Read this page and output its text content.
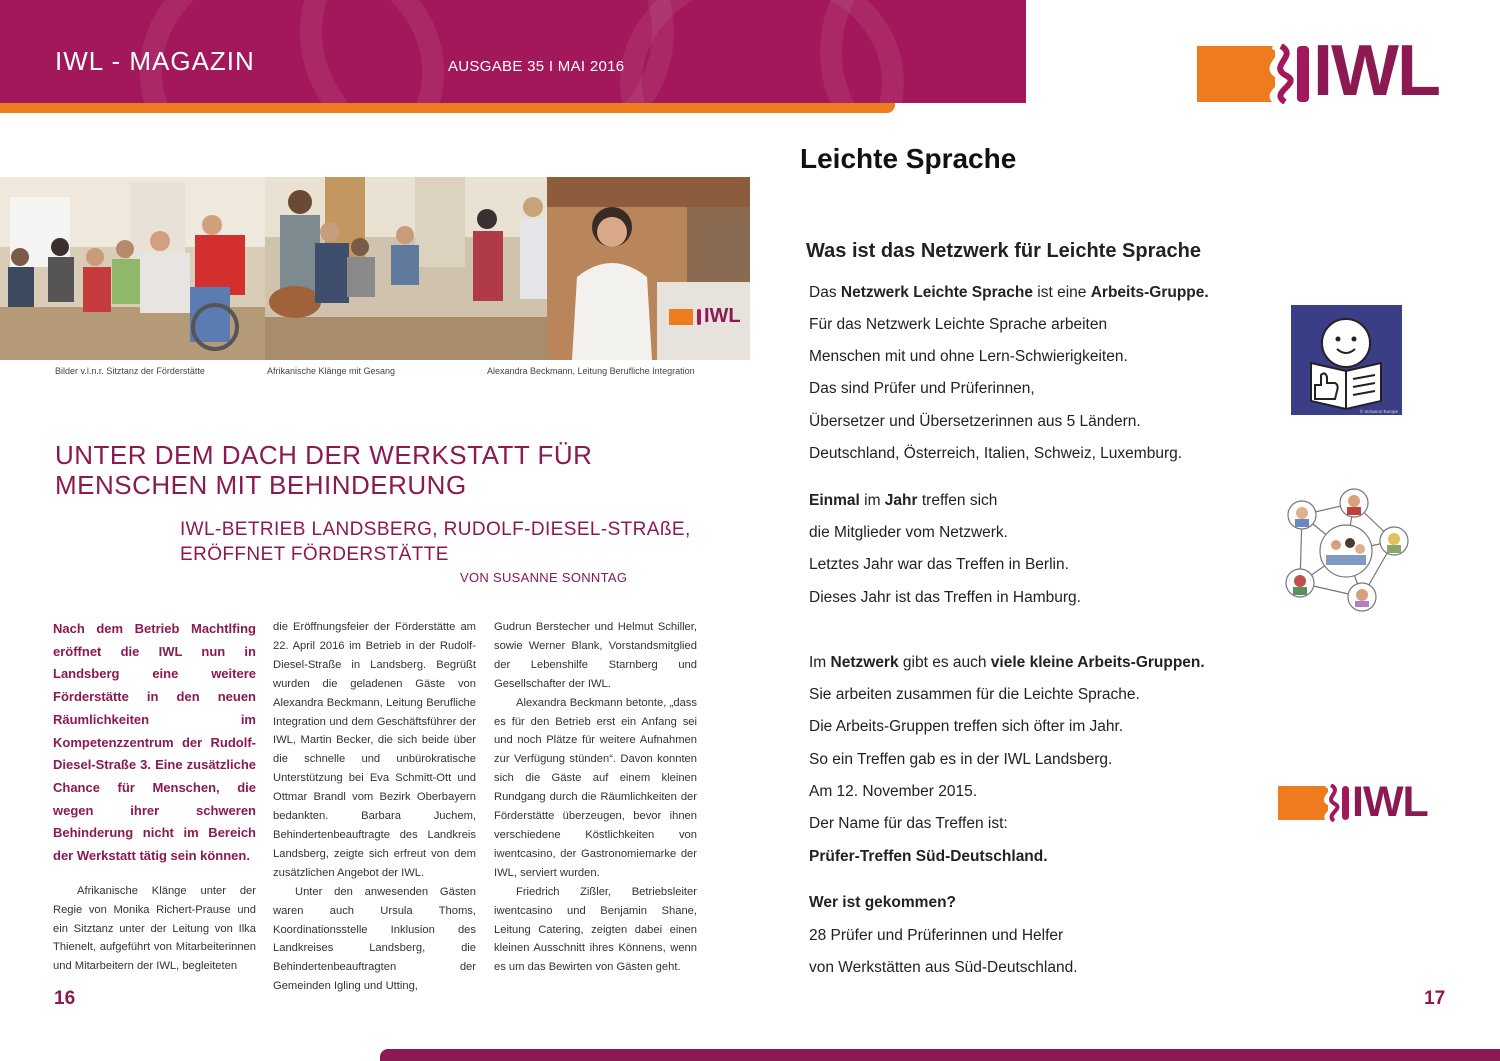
IWL - MAGAZIN	AUSGABE 35 I MAI 2016	IWL
IWL
Bilder v.l.n.r. Sitztanz der Förderstätte	Afrikanische Klänge mit Gesang	Alexandra Beckmann, Leitung Berufliche Integration
UNTER DEM DACH DER WERKSTATT FÜR
MENSCHEN MIT BEHINDERUNG
IWL-BETRIEB LANDSBERG, RUDOLF-DIESEL-STRAßE,
ERÖFFNET FÖRDERSTÄTTE
VON SUSANNE SONNTAG

Nach dem Betrieb Machtlfing eröffnet die IWL nun in Landsberg eine weitere Förderstätte in den neuen Räumlichkeiten im Kompetenzzentrum der Rudolf-Diesel-Straße 3. Eine zusätzliche Chance für Menschen, die wegen ihrer schweren Behinderung nicht im Bereich der Werkstatt tätig sein können.

Afrikanische Klänge unter der Regie von Monika Richert-Prause und ein Sitztanz unter der Leitung von Ilka Thienelt, aufgeführt von Mitarbeiterinnen und Mitarbeitern der IWL, begleiteten

die Eröffnungsfeier der Förderstätte am 22. April 2016 im Betrieb in der Rudolf-Diesel-Straße in Landsberg. Begrüßt wurden die geladenen Gäste von Alexandra Beckmann, Leitung Berufliche Integration und dem Geschäftsführer der IWL, Martin Becker, die sich beide über die schnelle und unbürokratische Unterstützung bei Eva Schmitt-Ott und Ottmar Brandl vom Bezirk Oberbayern bedankten. Barbara Juchem, Behindertenbeauftragte des Landkreis Landsberg, zeigte sich erfreut von dem zusätzlichen Angebot der IWL.

Unter den anwesenden Gästen waren auch Ursula Thoms, Koordinationsstelle Inklusion des Landkreises Landsberg, die Behindertenbeauftragten der Gemeinden Igling und Utting,

Gudrun Berstecher und Helmut Schiller, sowie Werner Blank, Vorstandsmitglied der Lebenshilfe Starnberg und Gesellschafter der IWL.

Alexandra Beckmann betonte, „dass es für den Betrieb erst ein Anfang sei und noch Plätze für weitere Aufnahmen zur Verfügung stünden“. Davon konnten sich die Gäste auf einem kleinen Rundgang durch die Räumlichkeiten der Förderstätte überzeugen, bevor ihnen verschiedene Köstlichkeiten von iwentcasino, der Gastronomiemarke der IWL, serviert wurden.

Friedrich Zißler, Betriebsleiter iwentcasino und Benjamin Shane, Leitung Catering, zeigten dabei einen kleinen Ausschnitt ihres Könnens, wenn es um das Bewirten von Gästen geht.

16
Leichte Sprache
Was ist das Netzwerk für Leichte Sprache
Das Netzwerk Leichte Sprache ist eine Arbeits-Gruppe.
Für das Netzwerk Leichte Sprache arbeiten
Menschen mit und ohne Lern-Schwierigkeiten.
Das sind Prüfer und Prüferinnen,
Übersetzer und Übersetzerinnen aus 5 Ländern.
Deutschland, Österreich, Italien, Schweiz, Luxemburg.
Einmal im Jahr treffen sich
die Mitglieder vom Netzwerk.
Letztes Jahr war das Treffen in Berlin.
Dieses Jahr ist das Treffen in Hamburg.
Im Netzwerk gibt es auch viele kleine Arbeits-Gruppen.
Sie arbeiten zusammen für die Leichte Sprache.
Die Arbeits-Gruppen treffen sich öfter im Jahr.
So ein Treffen gab es in der IWL Landsberg.
Am 12. November 2015.
Der Name für das Treffen ist:
Prüfer-Treffen Süd-Deutschland.
Wer ist gekommen?
28 Prüfer und Prüferinnen und Helfer
von Werkstätten aus Süd-Deutschland.
© Inclusion Europe
IWL
17
